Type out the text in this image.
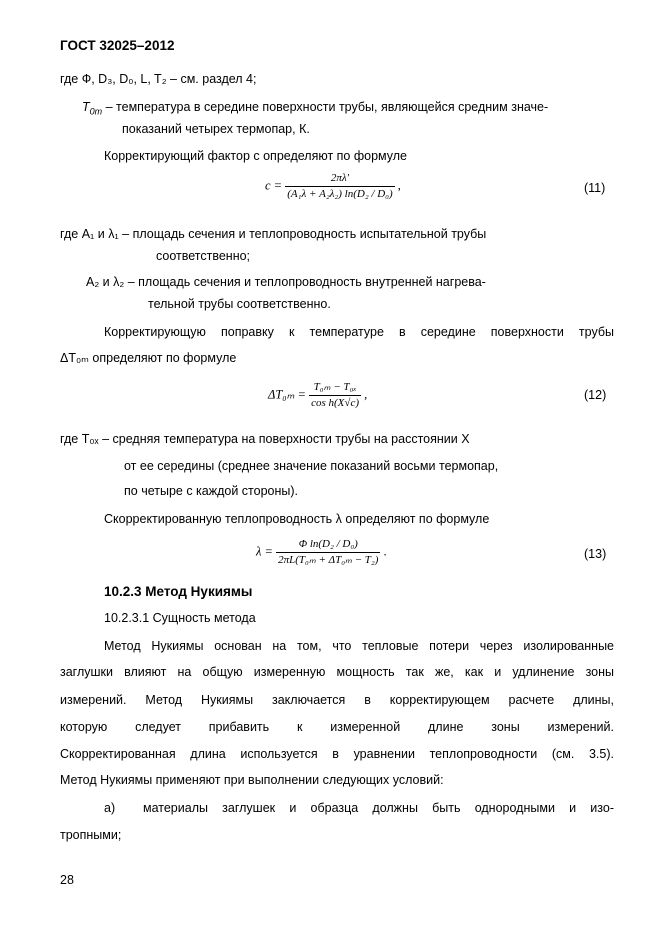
ГОСТ 32025–2012
где Ф, D₃, D₀, L, T₂ – см. раздел 4;
$T_{0m}$ – температура в середине поверхности трубы, являющейся средним значе-
показаний четырех термопар, К.
Корректирующий фактор c определяют по формуле
$c = \frac{2\pi\lambda'}{\text{(A₁λ + A₂λ₂) ln(D₂ / D₀)}}$ ,	(11)
где A₁ и λ₁ – площадь сечения и теплопроводность испытательной трубы
соответственно;
A₂ и λ₂ – площадь сечения и теплопроводность внутренней нагрева-
тельной трубы соответственно.
Корректирующую поправку к температуре в середине поверхности трубы
ΔT₀ₘ определяют по формуле
$\Delta T_{0m} = \frac{\text{T₀ₘ − T₀ₓ}}{\text{cos h(X√c)}}$ ,	(12)
где T₀ₓ – средняя температура на поверхности трубы на расстоянии X
от ее середины (среднее значение показаний восьми термопар,
по четыре с каждой стороны).
Скорректированную теплопроводность λ определяют по формуле
$\lambda = \frac{\text{Φ ln(D₂ / D₀)}}{\text{2πL(T₀ₘ + ΔT₀ₘ − T₂)}}$ .	(13)
10.2.3 Метод Нукиямы
10.2.3.1 Сущность метода
Метод Нукиямы основан на том, что тепловые потери через изолированные
заглушки влияют на общую измеренную мощность так же, как и удлинение зоны
измерений. Метод Нукиямы заключается в корректирующем расчете длины,
которую следует прибавить к измеренной длине зоны измерений.
Скорректированная длина используется в уравнении теплопроводности (см. 3.5).
Метод Нукиямы применяют при выполнении следующих условий:
а) материалы заглушек и образца должны быть однородными и изо-
тропными;
28
